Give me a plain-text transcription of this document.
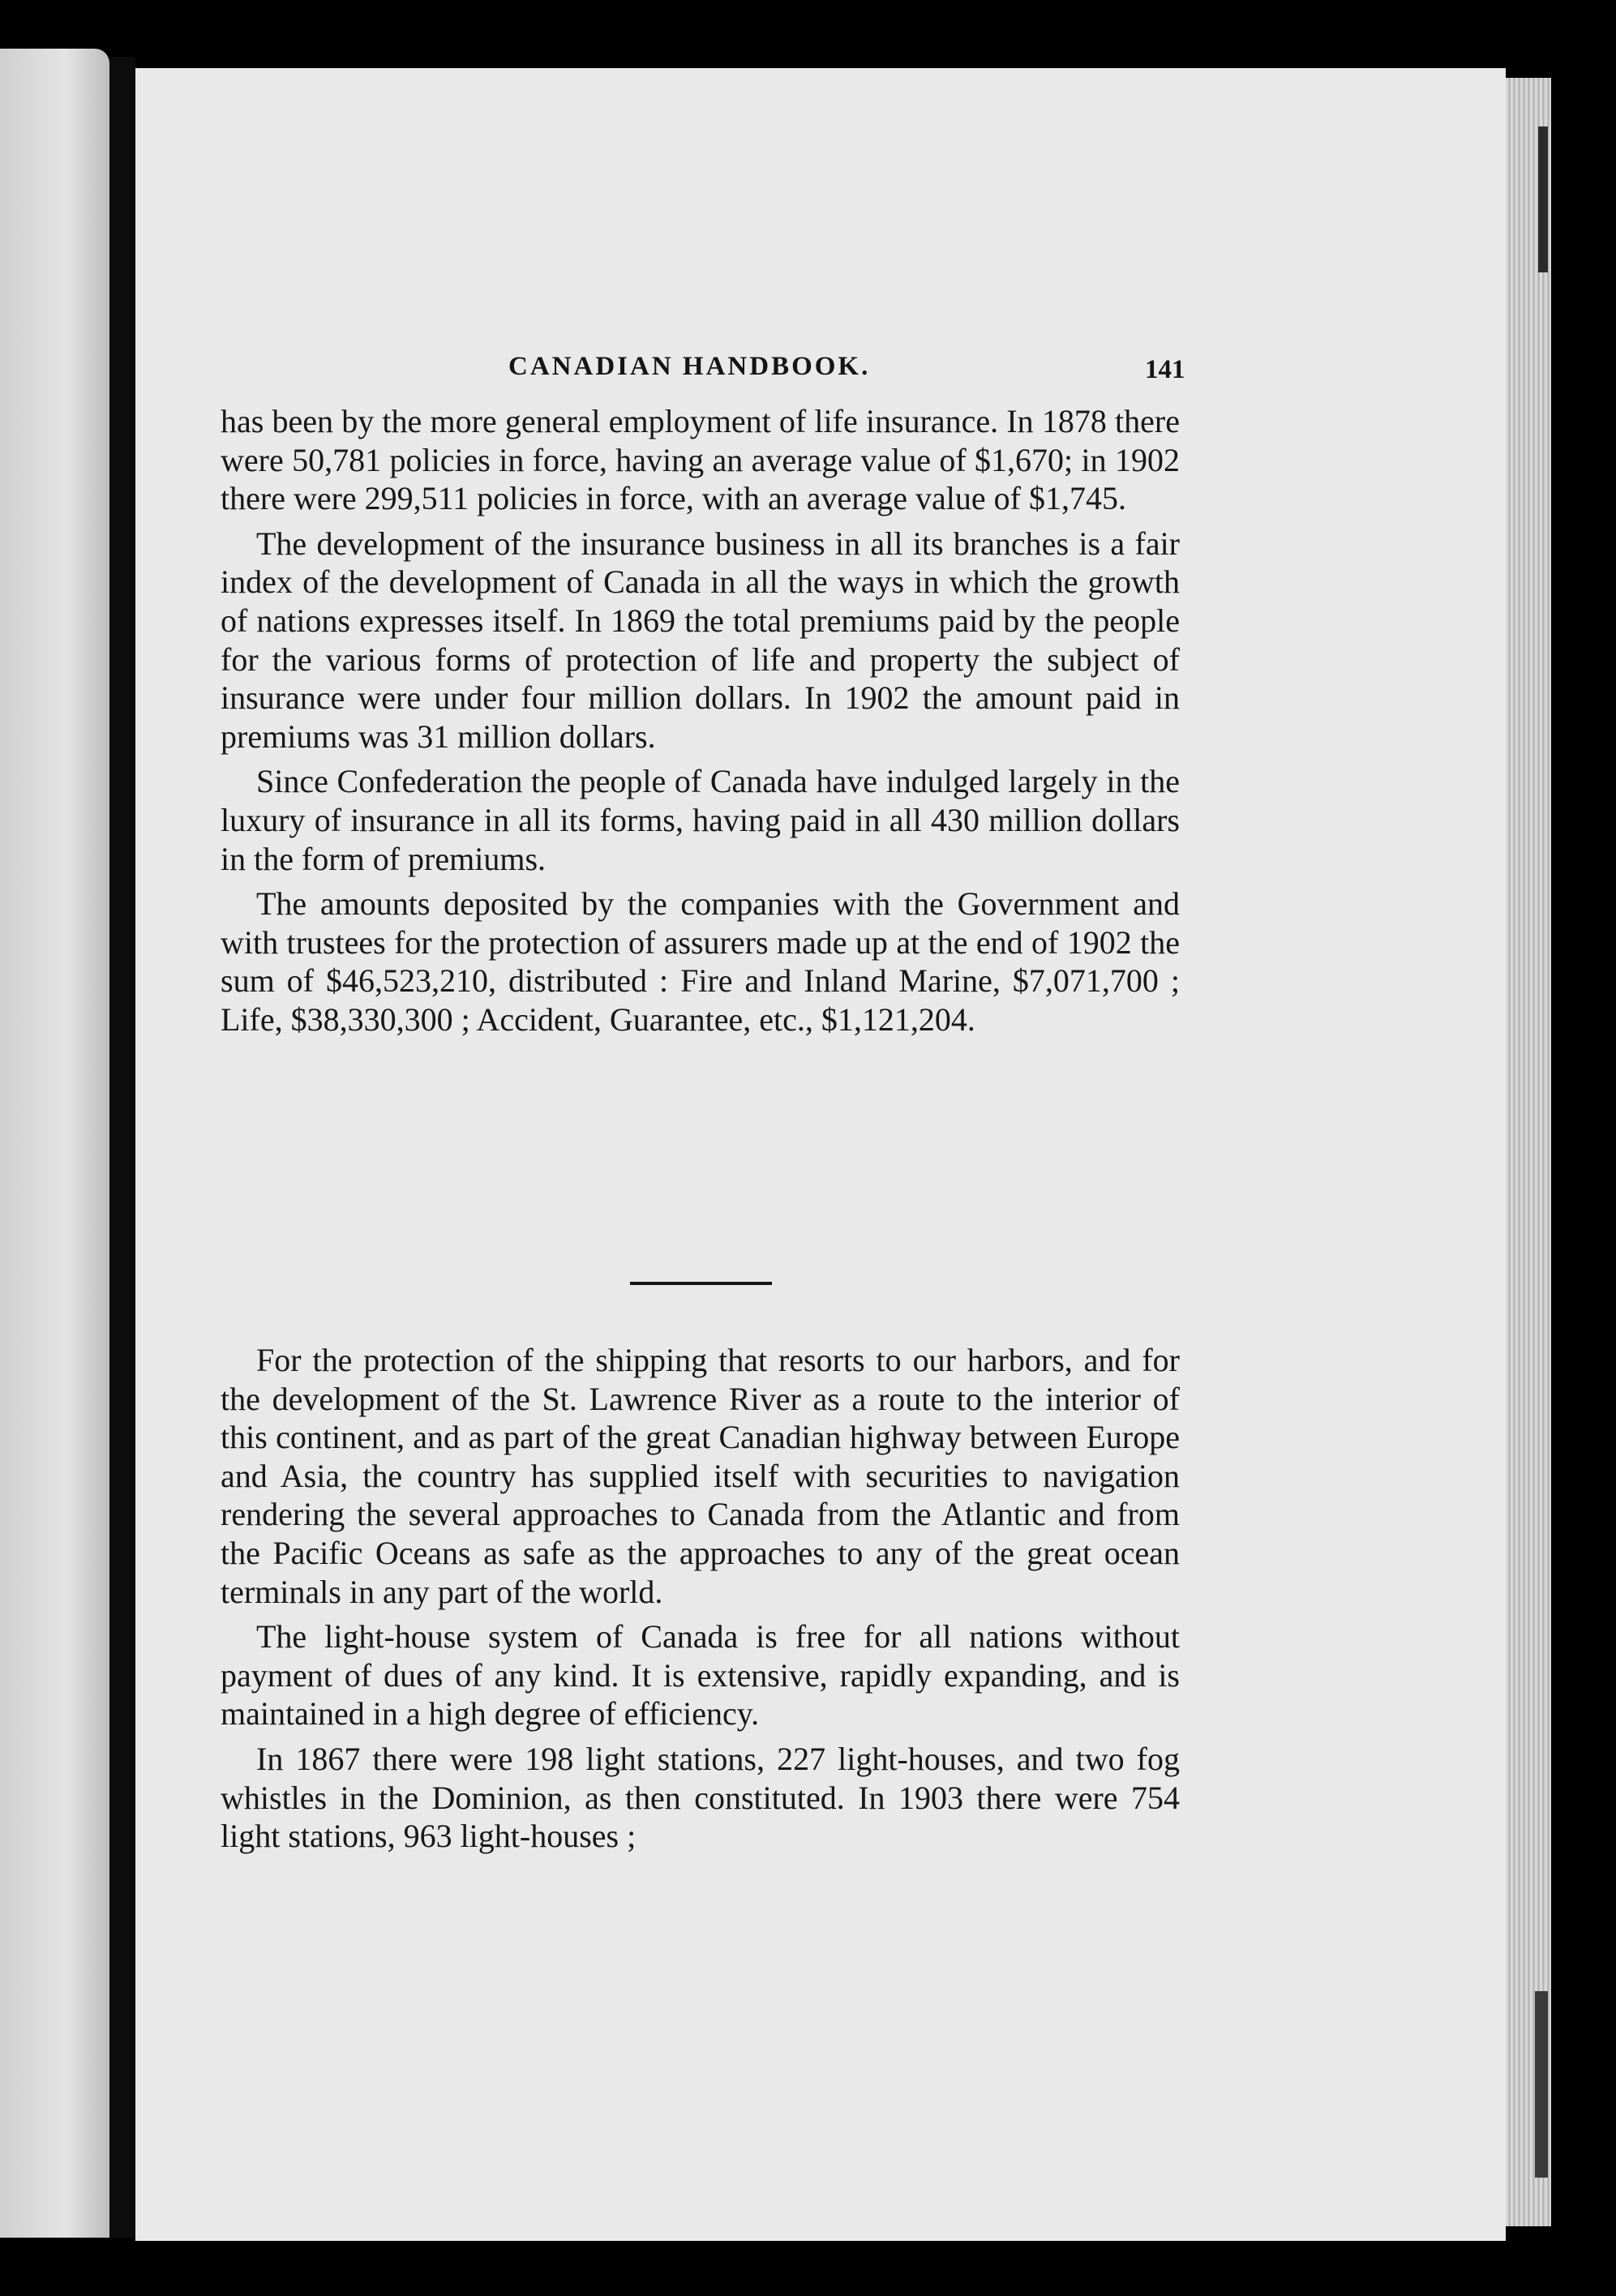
CANADIAN HANDBOOK.	141

has been by the more general employment of life insurance. In 1878 there were 50,781 policies in force, having an average value of $1,670; in 1902 there were 299,511 policies in force, with an average value of $1,745.

The development of the insurance business in all its branches is a fair index of the development of Canada in all the ways in which the growth of nations expresses itself. In 1869 the total premiums paid by the people for the various forms of protection of life and property the subject of insurance were under four million dollars. In 1902 the amount paid in premiums was 31 million dollars.

Since Confederation the people of Canada have indulged largely in the luxury of insurance in all its forms, having paid in all 430 million dollars in the form of premiums.

The amounts deposited by the companies with the Government and with trustees for the protection of assurers made up at the end of 1902 the sum of $46,523,210, distributed : Fire and Inland Marine, $7,071,700 ; Life, $38,330,300 ; Accident, Guarantee, etc., $1,121,204.

For the protection of the shipping that resorts to our harbors, and for the development of the St. Lawrence River as a route to the interior of this continent, and as part of the great Canadian highway between Europe and Asia, the country has supplied itself with securities to navigation rendering the several approaches to Canada from the Atlantic and from the Pacific Oceans as safe as the approaches to any of the great ocean terminals in any part of the world.

The light-house system of Canada is free for all nations without payment of dues of any kind. It is extensive, rapidly expanding, and is maintained in a high degree of efficiency.

In 1867 there were 198 light stations, 227 light-houses, and two fog whistles in the Dominion, as then constituted. In 1903 there were 754 light stations, 963 light-houses ;
